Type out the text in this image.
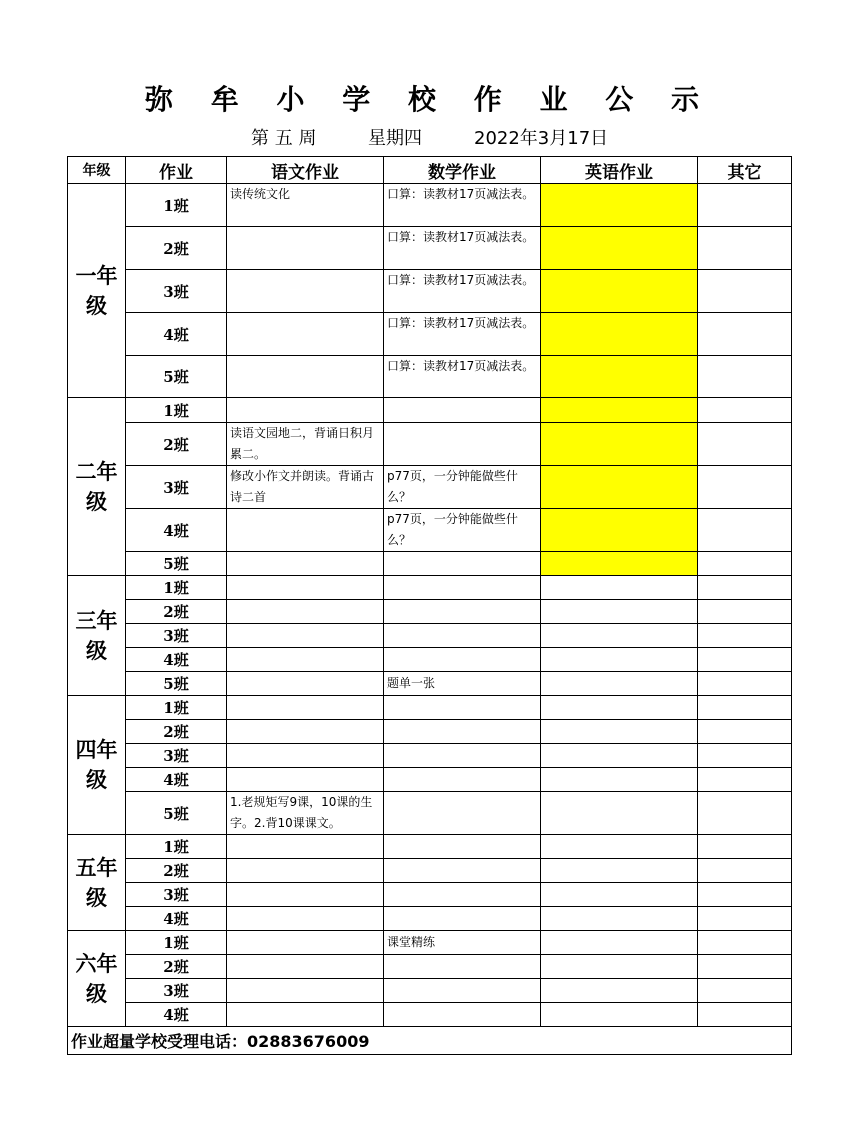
弥 牟 小 学 校 作 业 公 示
第 五 周	星期四	2022年3月17日
年级	作业	语文作业	数学作业	英语作业	其它

一年级	1班	读传统文化	口算：读教材17页减法表。		
	2班		口算：读教材17页减法表。		
	3班		口算：读教材17页减法表。		
	4班		口算：读教材17页减法表。		
	5班		口算：读教材17页减法表。		

二年级	1班				
	2班	读语文园地二，背诵日积月累二。			
	3班	修改小作文并朗读。背诵古诗二首	p77页，一分钟能做些什么？		
	4班		p77页，一分钟能做些什么？		
	5班				

三年级	1班				
	2班				
	3班				
	4班				
	5班		题单一张		

四年级	1班				
	2班				
	3班				
	4班				
	5班	1.老规矩写9课，10课的生字。2.背10课课文。			

五年级	1班				
	2班				
	3班				
	4班				

六年级	1班		课堂精练		
	2班				
	3班				
	4班				
作业超量学校受理电话：02883676009					
